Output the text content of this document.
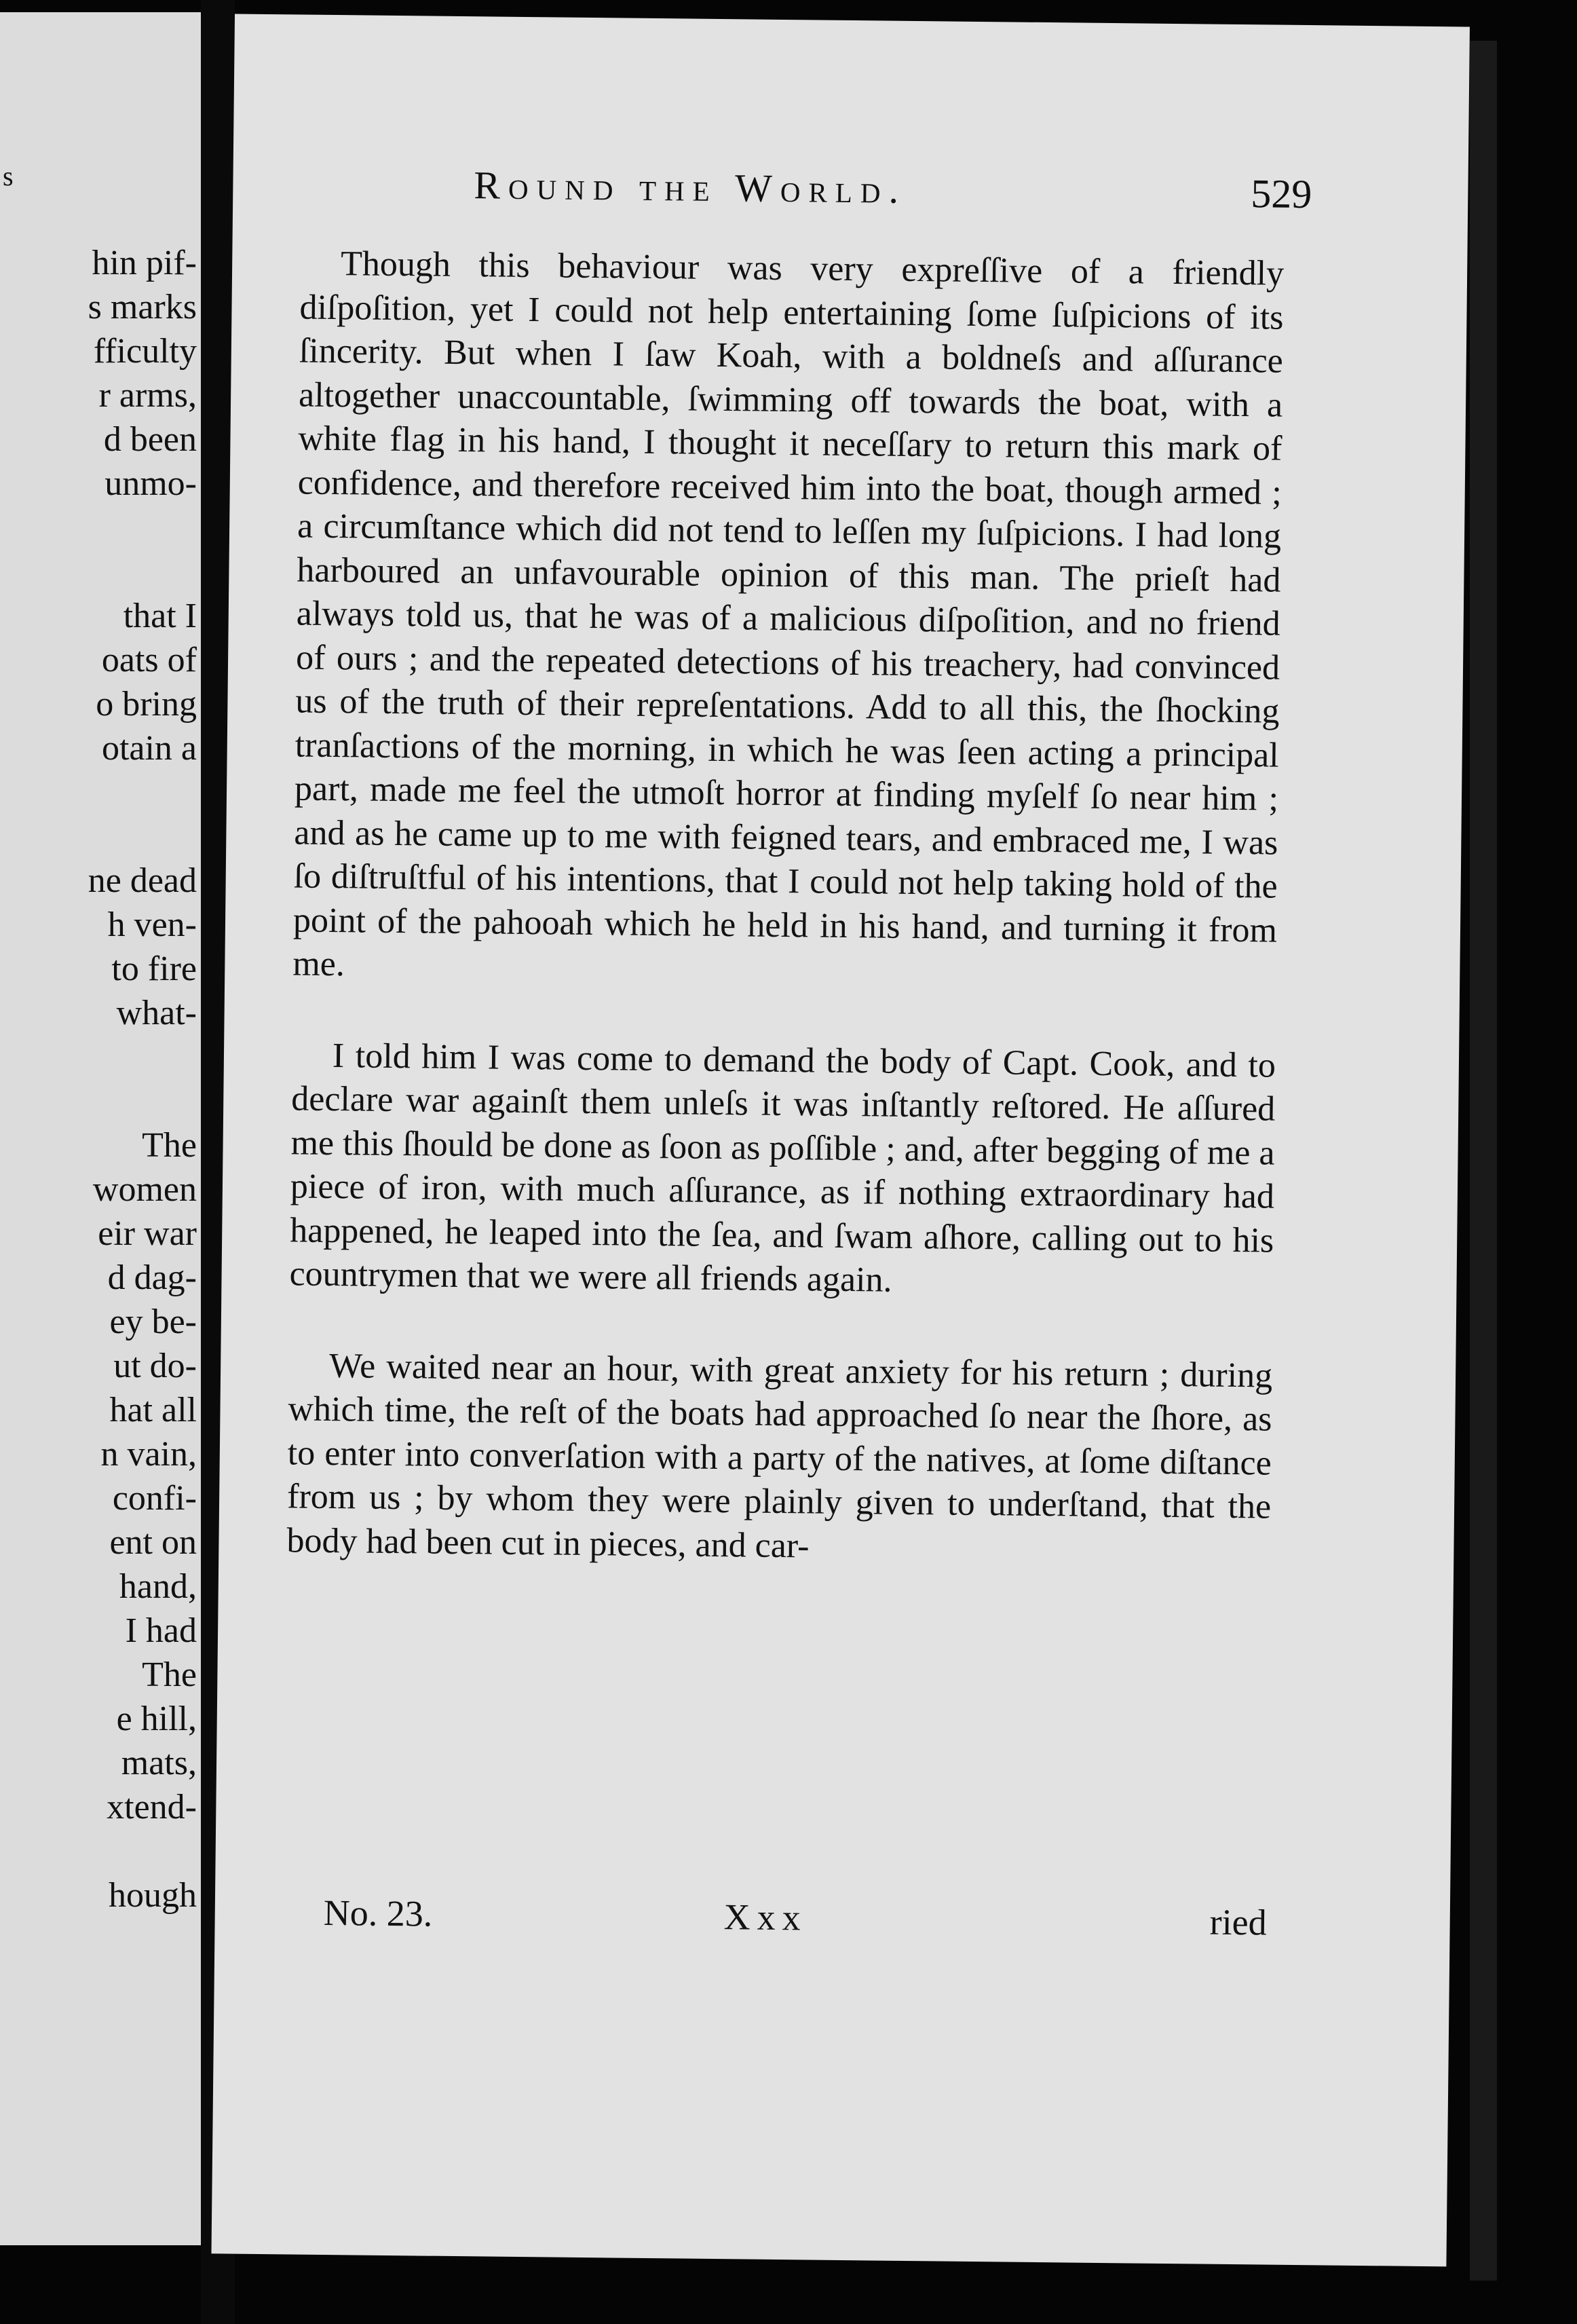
s
hin pif-
s marks
fficulty
r arms,
d been
unmo-
that I
oats of
o bring
otain a
ne dead
h ven-
to fire
what-
The
women
eir war
d dag-
ey be-
ut do-
hat all
n vain,
confi-
ent on
hand,
I had
The
e hill,
mats,
xtend-
hough
Round the World.	529

Though this behaviour was very expreſſive of a friendly diſpoſition, yet I could not help entertaining ſome ſuſpicions of its ſincerity. But when I ſaw Koah, with a boldneſs and aſſurance altogether unaccountable, ſwimming off towards the boat, with a white flag in his hand, I thought it neceſſary to return this mark of confidence, and therefore received him into the boat, though armed ; a circumſtance which did not tend to leſſen my ſuſpicions. I had long harboured an unfavourable opinion of this man. The prieſt had always told us, that he was of a malicious diſpoſition, and no friend of ours ; and the repeated detections of his treachery, had convinced us of the truth of their repreſentations. Add to all this, the ſhocking tranſactions of the morning, in which he was ſeen acting a principal part, made me feel the utmoſt horror at finding myſelf ſo near him ; and as he came up to me with feigned tears, and embraced me, I was ſo diſtruſtful of his intentions, that I could not help taking hold of the point of the pahooah which he held in his hand, and turning it from me.

I told him I was come to demand the body of Capt. Cook, and to declare war againſt them unleſs it was inſtantly reſtored. He aſſured me this ſhould be done as ſoon as poſſible ; and, after begging of me a piece of iron, with much aſſurance, as if nothing extraordinary had happened, he leaped into the ſea, and ſwam aſhore, calling out to his countrymen that we were all friends again.

We waited near an hour, with great anxiety for his return ; during which time, the reſt of the boats had approached ſo near the ſhore, as to enter into converſation with a party of the natives, at ſome diſtance from us ; by whom they were plainly given to underſtand, that the body had been cut in pieces, and car-

No. 23.	Xxx	ried
